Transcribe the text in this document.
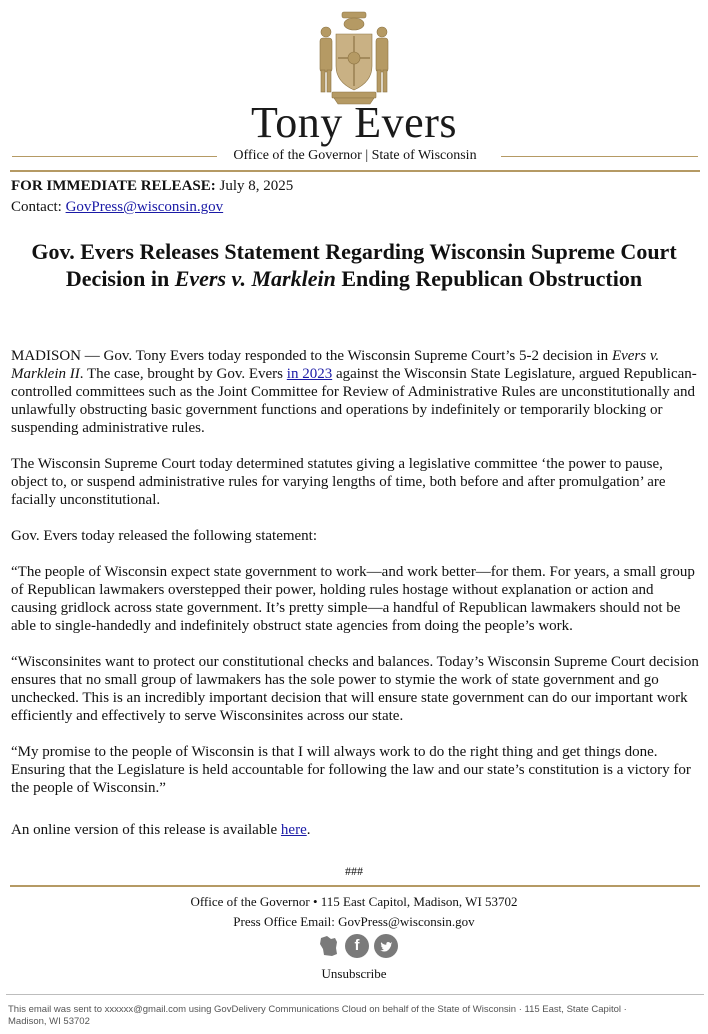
Tony Evers
Office of the Governor | State of Wisconsin
FOR IMMEDIATE RELEASE: July 8, 2025
Contact: GovPress@wisconsin.gov
Gov. Evers Releases Statement Regarding Wisconsin Supreme Court Decision in Evers v. Marklein Ending Republican Obstruction

MADISON — Gov. Tony Evers today responded to the Wisconsin Supreme Court’s 5-2 decision in Evers v. Marklein II. The case, brought by Gov. Evers in 2023 against the Wisconsin State Legislature, argued Republican-controlled committees such as the Joint Committee for Review of Administrative Rules are unconstitutionally and unlawfully obstructing basic government functions and operations by indefinitely or temporarily blocking or suspending administrative rules.

The Wisconsin Supreme Court today determined statutes giving a legislative committee ‘the power to pause, object to, or suspend administrative rules for varying lengths of time, both before and after promulgation’ are facially unconstitutional.

Gov. Evers today released the following statement:

“The people of Wisconsin expect state government to work—and work better—for them. For years, a small group of Republican lawmakers overstepped their power, holding rules hostage without explanation or action and causing gridlock across state government. It’s pretty simple—a handful of Republican lawmakers should not be able to single-handedly and indefinitely obstruct state agencies from doing the people’s work.

“Wisconsinites want to protect our constitutional checks and balances. Today’s Wisconsin Supreme Court decision ensures that no small group of lawmakers has the sole power to stymie the work of state government and go unchecked. This is an incredibly important decision that will ensure state government can do our important work efficiently and effectively to serve Wisconsinites across our state.

“My promise to the people of Wisconsin is that I will always work to do the right thing and get things done. Ensuring that the Legislature is held accountable for following the law and our state’s constitution is a victory for the people of Wisconsin.”

An online version of this release is available here.

###
Office of the Governor • 115 East Capitol, Madison, WI 53702
Press Office Email: GovPress@wisconsin.gov
f
Unsubscribe
This email was sent to xxxxxx@gmail.com using GovDelivery Communications Cloud on behalf of the State of Wisconsin · 115 East, State Capitol · Madison, WI 53702
